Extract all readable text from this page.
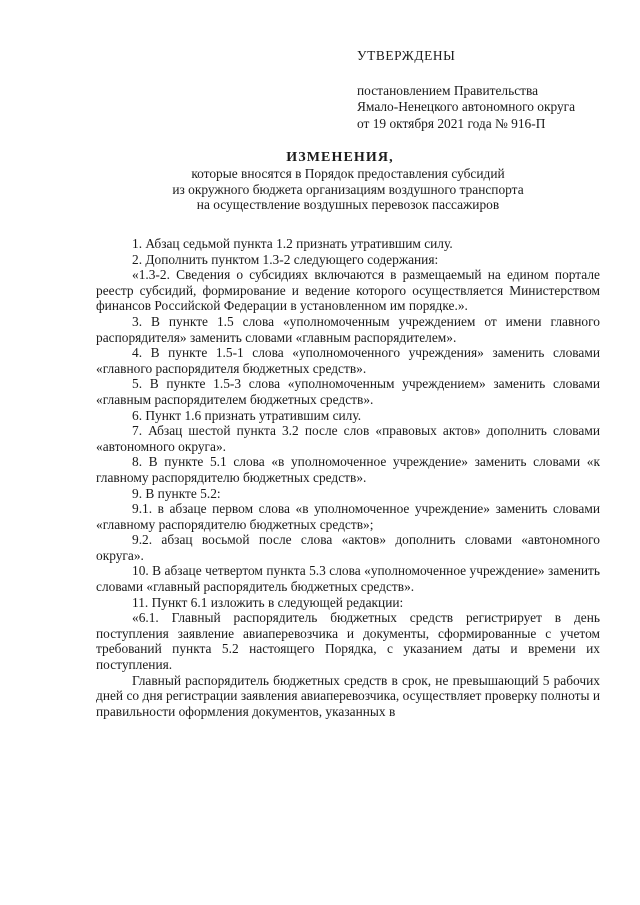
УТВЕРЖДЕНЫ
постановлением Правительства
Ямало-Ненецкого автономного округа
от 19 октября 2021 года № 916-П
ИЗМЕНЕНИЯ,
которые вносятся в Порядок предоставления субсидий
из окружного бюджета организациям воздушного транспорта
на осуществление воздушных перевозок пассажиров

1. Абзац седьмой пункта 1.2 признать утратившим силу.

2. Дополнить пунктом 1.3-2 следующего содержания:

«1.3-2. Сведения о субсидиях включаются в размещаемый на едином портале реестр субсидий, формирование и ведение которого осуществляется Министерством финансов Российской Федерации в установленном им порядке.».

3. В пункте 1.5 слова «уполномоченным учреждением от имени главного распорядителя» заменить словами «главным распорядителем».

4. В пункте 1.5-1 слова «уполномоченного учреждения» заменить словами «главного распорядителя бюджетных средств».

5. В пункте 1.5-3 слова «уполномоченным учреждением» заменить словами «главным распорядителем бюджетных средств».

6. Пункт 1.6 признать утратившим силу.

7. Абзац шестой пункта 3.2 после слов «правовых актов» дополнить словами «автономного округа».

8. В пункте 5.1 слова «в уполномоченное учреждение» заменить словами «к главному распорядителю бюджетных средств».

9. В пункте 5.2:

9.1. в абзаце первом слова «в уполномоченное учреждение» заменить словами «главному распорядителю бюджетных средств»;

9.2. абзац восьмой после слова «актов» дополнить словами «автономного округа».

10. В абзаце четвертом пункта 5.3 слова «уполномоченное учреждение» заменить словами «главный распорядитель бюджетных средств».

11. Пункт 6.1 изложить в следующей редакции:

«6.1. Главный распорядитель бюджетных средств регистрирует в день поступления заявление авиаперевозчика и документы, сформированные с учетом требований пункта 5.2 настоящего Порядка, с указанием даты и времени их поступления.

Главный распорядитель бюджетных средств в срок, не превышающий 5 рабочих дней со дня регистрации заявления авиаперевозчика, осуществляет проверку полноты и правильности оформления документов, указанных в
